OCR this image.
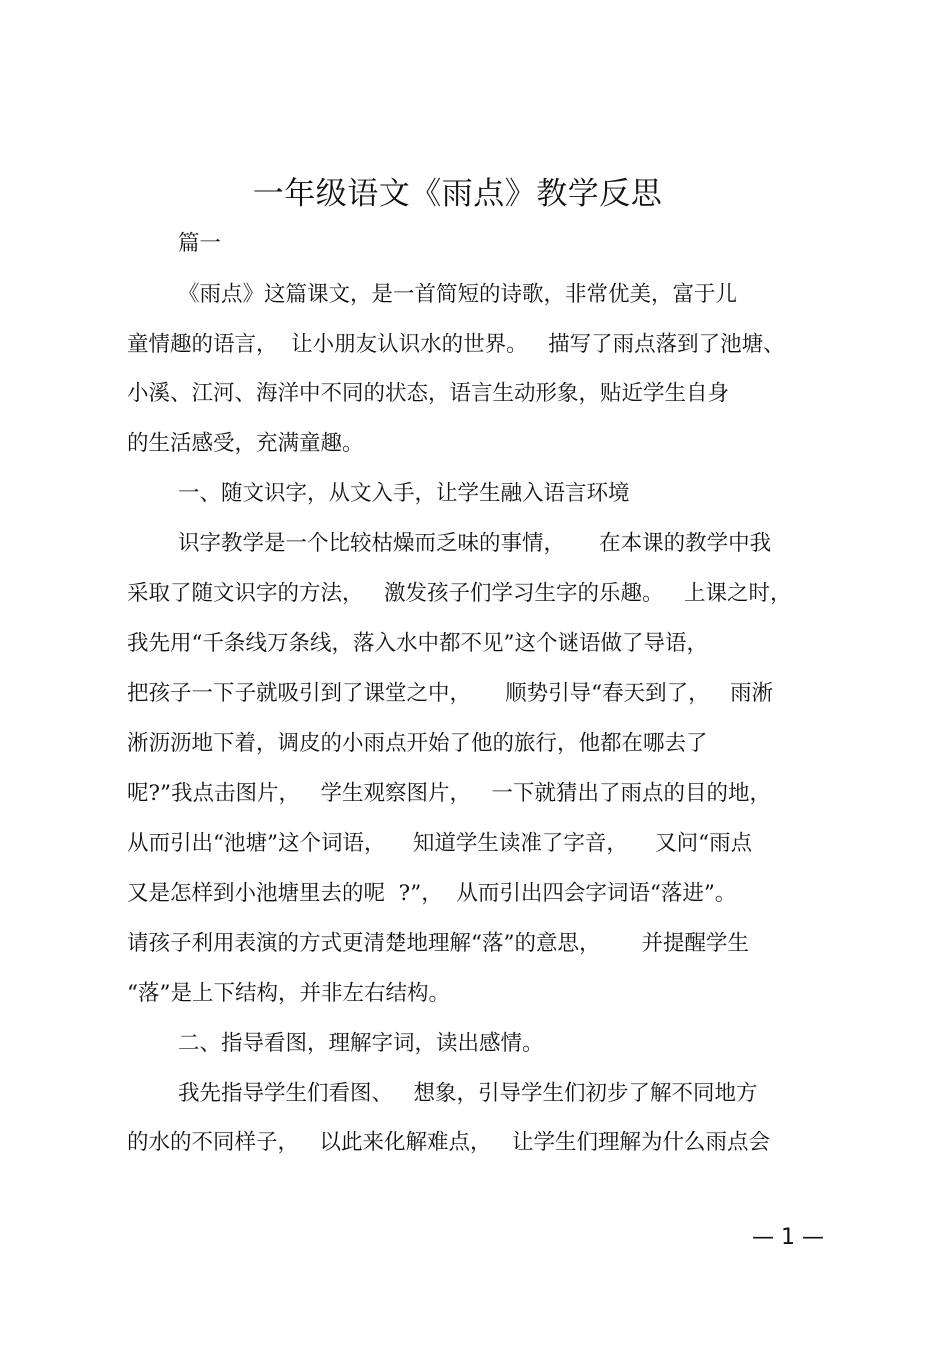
一年级语文《雨点》教学反思
篇一
《雨点》这篇课文，是一首简短的诗歌，非常优美，富于儿
童情趣的语言，  让小朋友认识水的世界。   描写了雨点落到了池塘、
小溪、江河、海洋中不同的状态，语言生动形象，贴近学生自身
的生活感受，充满童趣。
一、随文识字，从文入手，让学生融入语言环境
识字教学是一个比较枯燥而乏味的事情，     在本课的教学中我
采取了随文识字的方法，   激发孩子们学习生字的乐趣。   上课之时，
我先用“千条线万条线，落入水中都不见”这个谜语做了导语，
把孩子一下子就吸引到了课堂之中，     顺势引导“春天到了，   雨淅
淅沥沥地下着，调皮的小雨点开始了他的旅行，他都在哪去了
呢?”我点击图片，   学生观察图片，   一下就猜出了雨点的目的地，
从而引出“池塘”这个词语，    知道学生读准了字音，    又问“雨点
又是怎样到小池塘里去的呢  ?”，  从而引出四会字词语“落进”。
请孩子利用表演的方式更清楚地理解“落”的意思，      并提醒学生
“落”是上下结构，并非左右结构。
二、指导看图，理解字词，读出感情。
我先指导学生们看图、   想象，引导学生们初步了解不同地方
的水的不同样子，   以此来化解难点，   让学生们理解为什么雨点会
— 1 —
